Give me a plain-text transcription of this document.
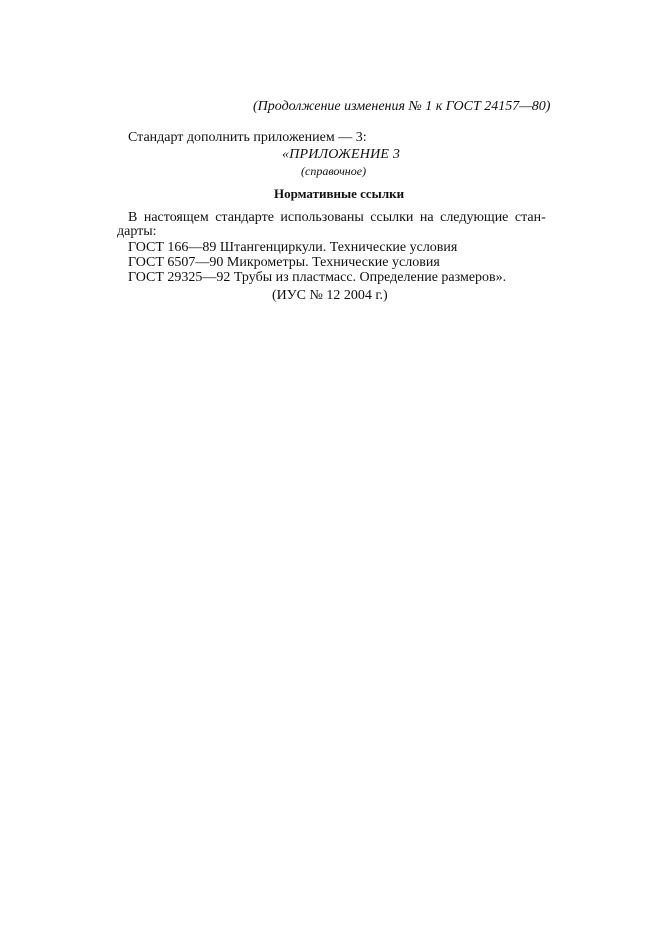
(Продолжение изменения № 1 к ГОСТ 24157—80)
Стандарт дополнить приложением — 3:
«ПРИЛОЖЕНИЕ 3
(справочное)
Нормативные ссылки
В настоящем стандарте использованы ссылки на следующие стан-
дарты:
ГОСТ 166—89 Штангенциркули. Технические условия
ГОСТ 6507—90 Микрометры. Технические условия
ГОСТ 29325—92 Трубы из пластмасс. Определение размеров».
(ИУС № 12 2004 г.)
